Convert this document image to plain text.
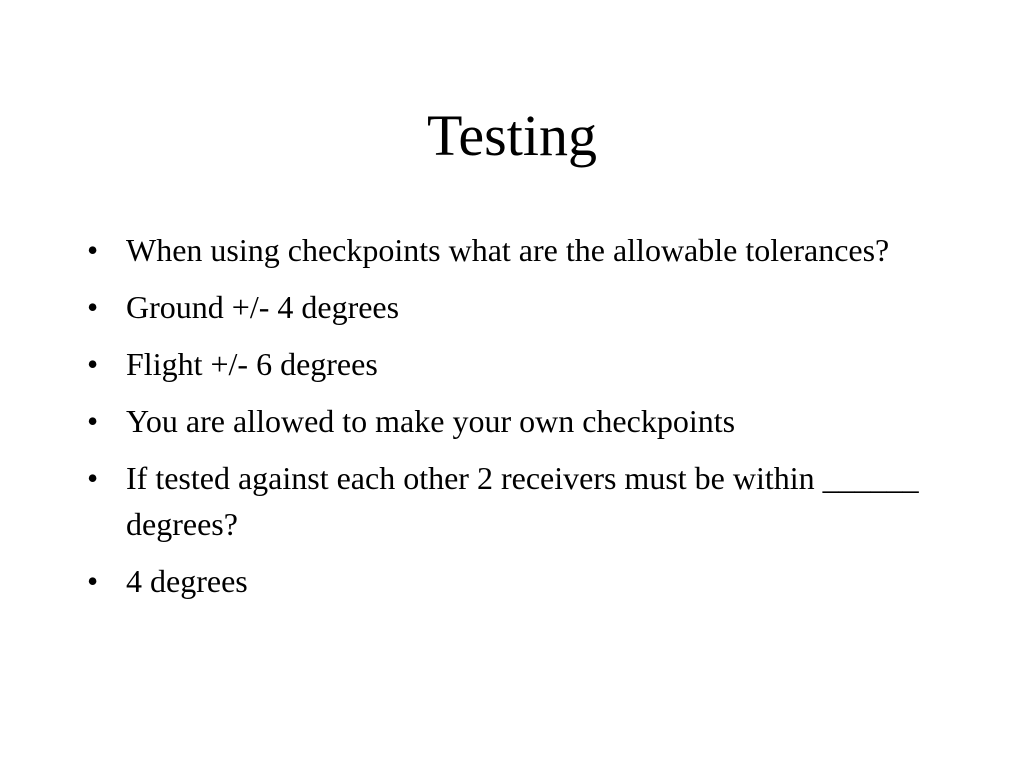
Testing
• When using checkpoints what are the allowable tolerances?
• Ground +/- 4 degrees
• Flight +/- 6 degrees
• You are allowed to make your own checkpoints
• If tested against each other 2 receivers must be within ______ degrees?
• 4 degrees
